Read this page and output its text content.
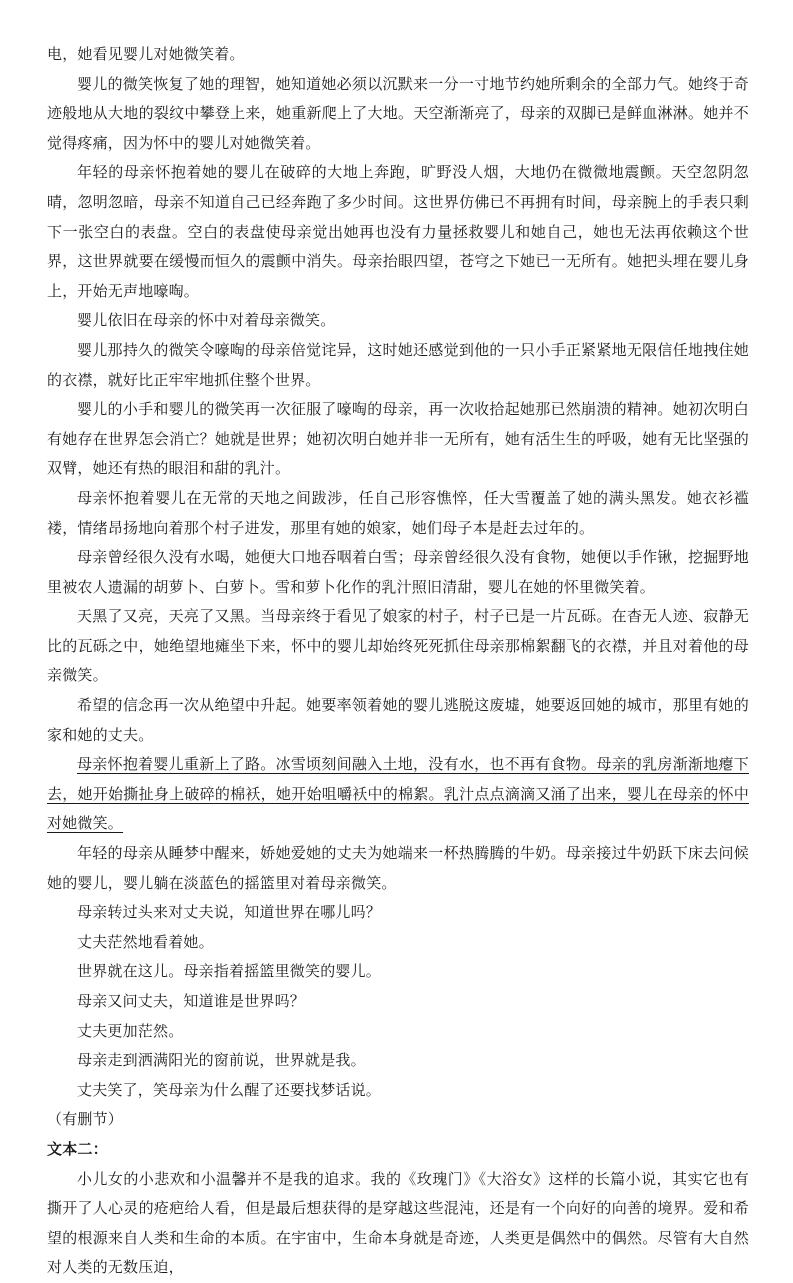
电，她看见婴儿对她微笑着。

婴儿的微笑恢复了她的理智，她知道她必须以沉默来一分一寸地节约她所剩余的全部力气。她终于奇迹般地从大地的裂纹中攀登上来，她重新爬上了大地。天空渐渐亮了，母亲的双脚已是鲜血淋淋。她并不觉得疼痛，因为怀中的婴儿对她微笑着。

年轻的母亲怀抱着她的婴儿在破碎的大地上奔跑，旷野没人烟，大地仍在微微地震颤。天空忽阴忽晴，忽明忽暗，母亲不知道自己已经奔跑了多少时间。这世界仿佛已不再拥有时间，母亲腕上的手表只剩下一张空白的表盘。空白的表盘使母亲觉出她再也没有力量拯救婴儿和她自己，她也无法再依赖这个世界，这世界就要在缓慢而恒久的震颤中消失。母亲抬眼四望，苍穹之下她已一无所有。她把头埋在婴儿身上，开始无声地嚎啕。

婴儿依旧在母亲的怀中对着母亲微笑。

婴儿那持久的微笑令嚎啕的母亲倍觉诧异，这时她还感觉到他的一只小手正紧紧地无限信任地拽住她的衣襟，就好比正牢牢地抓住整个世界。

婴儿的小手和婴儿的微笑再一次征服了嚎啕的母亲，再一次收拾起她那已然崩溃的精神。她初次明白有她存在世界怎会消亡？她就是世界；她初次明白她并非一无所有，她有活生生的呼吸，她有无比坚强的双臂，她还有热的眼泪和甜的乳汁。

母亲怀抱着婴儿在无常的天地之间跋涉，任自己形容憔悴，任大雪覆盖了她的满头黑发。她衣衫褴褛，情绪昂扬地向着那个村子进发，那里有她的娘家，她们母子本是赶去过年的。

母亲曾经很久没有水喝，她便大口地吞咽着白雪；母亲曾经很久没有食物，她便以手作锹，挖掘野地里被农人遗漏的胡萝卜、白萝卜。雪和萝卜化作的乳汁照旧清甜，婴儿在她的怀里微笑着。

天黑了又亮，天亮了又黑。当母亲终于看见了娘家的村子，村子已是一片瓦砾。在杳无人迹、寂静无比的瓦砾之中，她绝望地瘫坐下来，怀中的婴儿却始终死死抓住母亲那棉絮翻飞的衣襟，并且对着他的母亲微笑。

希望的信念再一次从绝望中升起。她要率领着她的婴儿逃脱这废墟，她要返回她的城市，那里有她的家和她的丈夫。

母亲怀抱着婴儿重新上了路。冰雪顷刻间融入土地，没有水，也不再有食物。母亲的乳房渐渐地瘪下去，她开始撕扯身上破碎的棉袄，她开始咀嚼袄中的棉絮。乳汁点点滴滴又涌了出来，婴儿在母亲的怀中对她微笑。

年轻的母亲从睡梦中醒来，娇她爱她的丈夫为她端来一杯热腾腾的牛奶。母亲接过牛奶跃下床去问候她的婴儿，婴儿躺在淡蓝色的摇篮里对着母亲微笑。

母亲转过头来对丈夫说，知道世界在哪儿吗？

丈夫茫然地看着她。

世界就在这儿。母亲指着摇篮里微笑的婴儿。

母亲又问丈夫，知道谁是世界吗？

丈夫更加茫然。

母亲走到洒满阳光的窗前说，世界就是我。

丈夫笑了，笑母亲为什么醒了还要找梦话说。

（有删节）

文本二：

小儿女的小悲欢和小温馨并不是我的追求。我的《玫瑰门》《大浴女》这样的长篇小说，其实它也有撕开了人心灵的疮疤给人看，但是最后想获得的是穿越这些混沌，还是有一个向好的向善的境界。爱和希望的根源来自人类和生命的本质。在宇宙中，生命本身就是奇迹，人类更是偶然中的偶然。尽管有大自然对人类的无数压迫，
